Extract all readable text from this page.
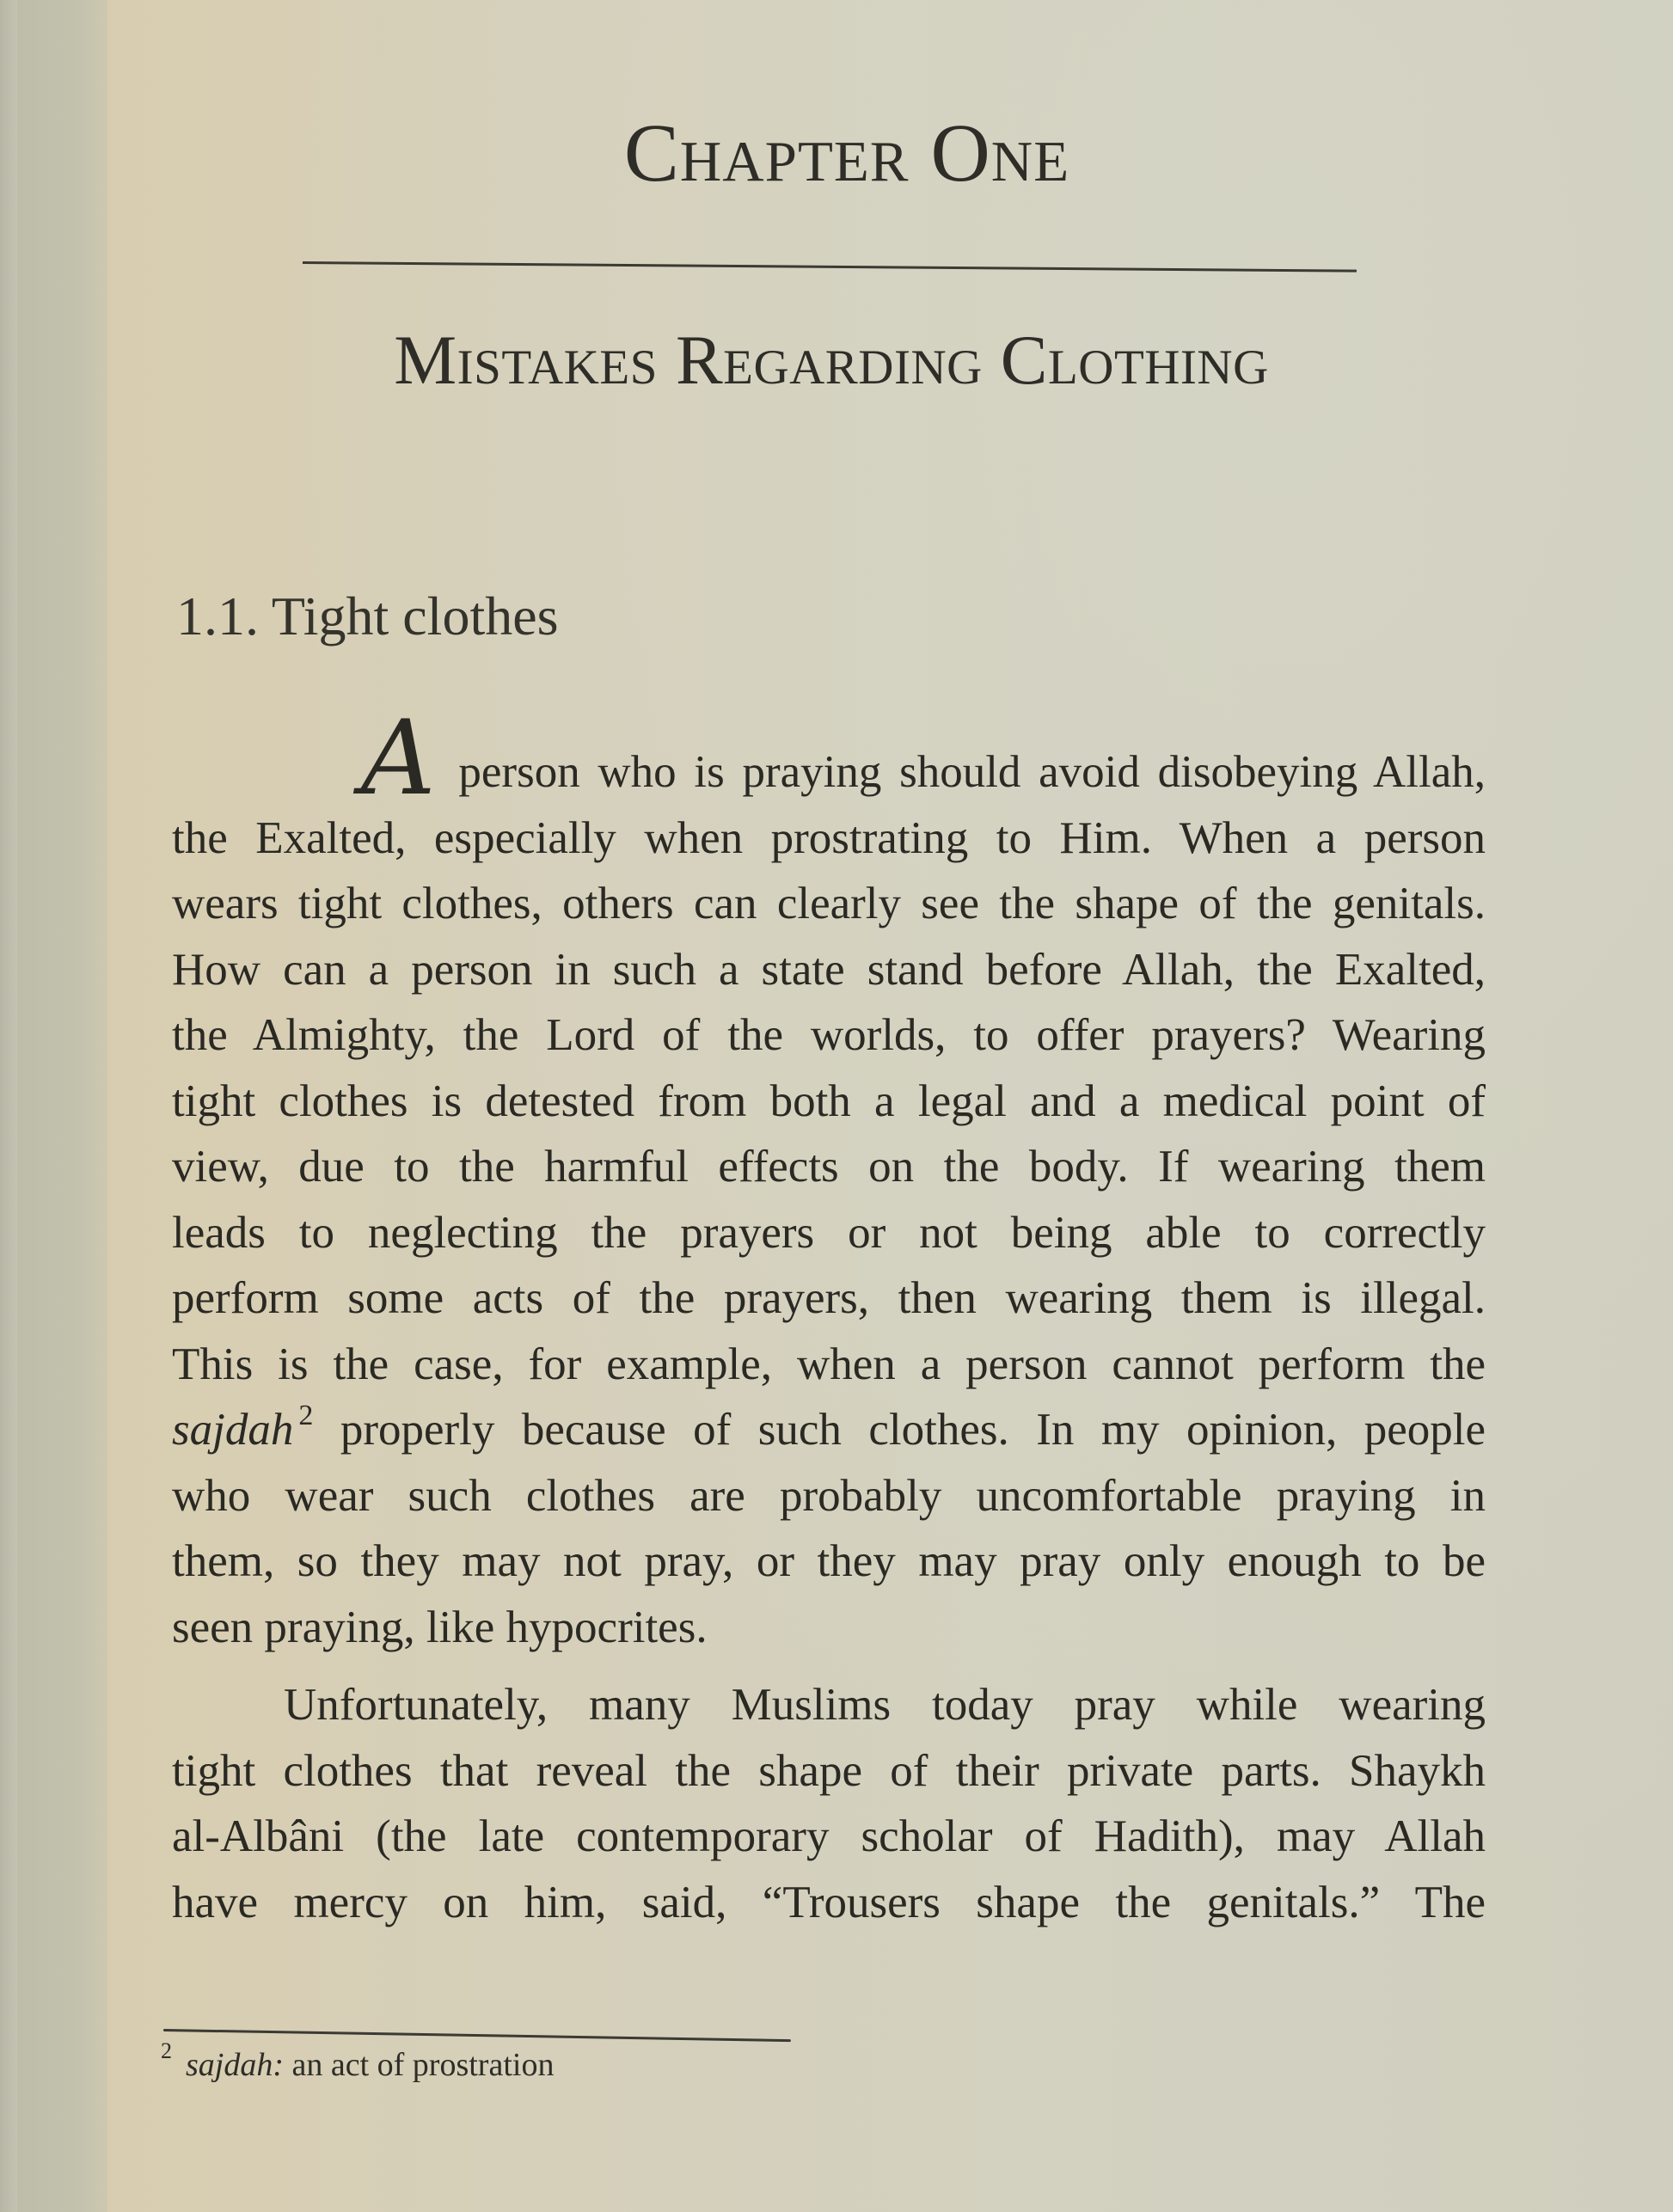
Chapter One
Mistakes Regarding Clothing
1.1. Tight clothes

A person who is praying should avoid disobeying Allah,
the Exalted, especially when prostrating to Him. When a person
wears tight clothes, others can clearly see the shape of the genitals.
How can a person in such a state stand before Allah, the Exalted,
the Almighty, the Lord of the worlds, to offer prayers? Wearing
tight clothes is detested from both a legal and a medical point of
view, due to the harmful effects on the body. If wearing them
leads to neglecting the prayers or not being able to correctly
perform some acts of the prayers, then wearing them is illegal.
This is the case, for example, when a person cannot perform the
sajdah $^2$ properly because of such clothes. In my opinion, people
who wear such clothes are probably uncomfortable praying in
them, so they may not pray, or they may pray only enough to be
seen praying, like hypocrites.

Unfortunately, many Muslims today pray while wearing
tight clothes that reveal the shape of their private parts. Shaykh
al-Albâni (the late contemporary scholar of Hadith), may Allah
have mercy on him, said, “Trousers shape the genitals.” The

$^2$ sajdah: an act of prostration
